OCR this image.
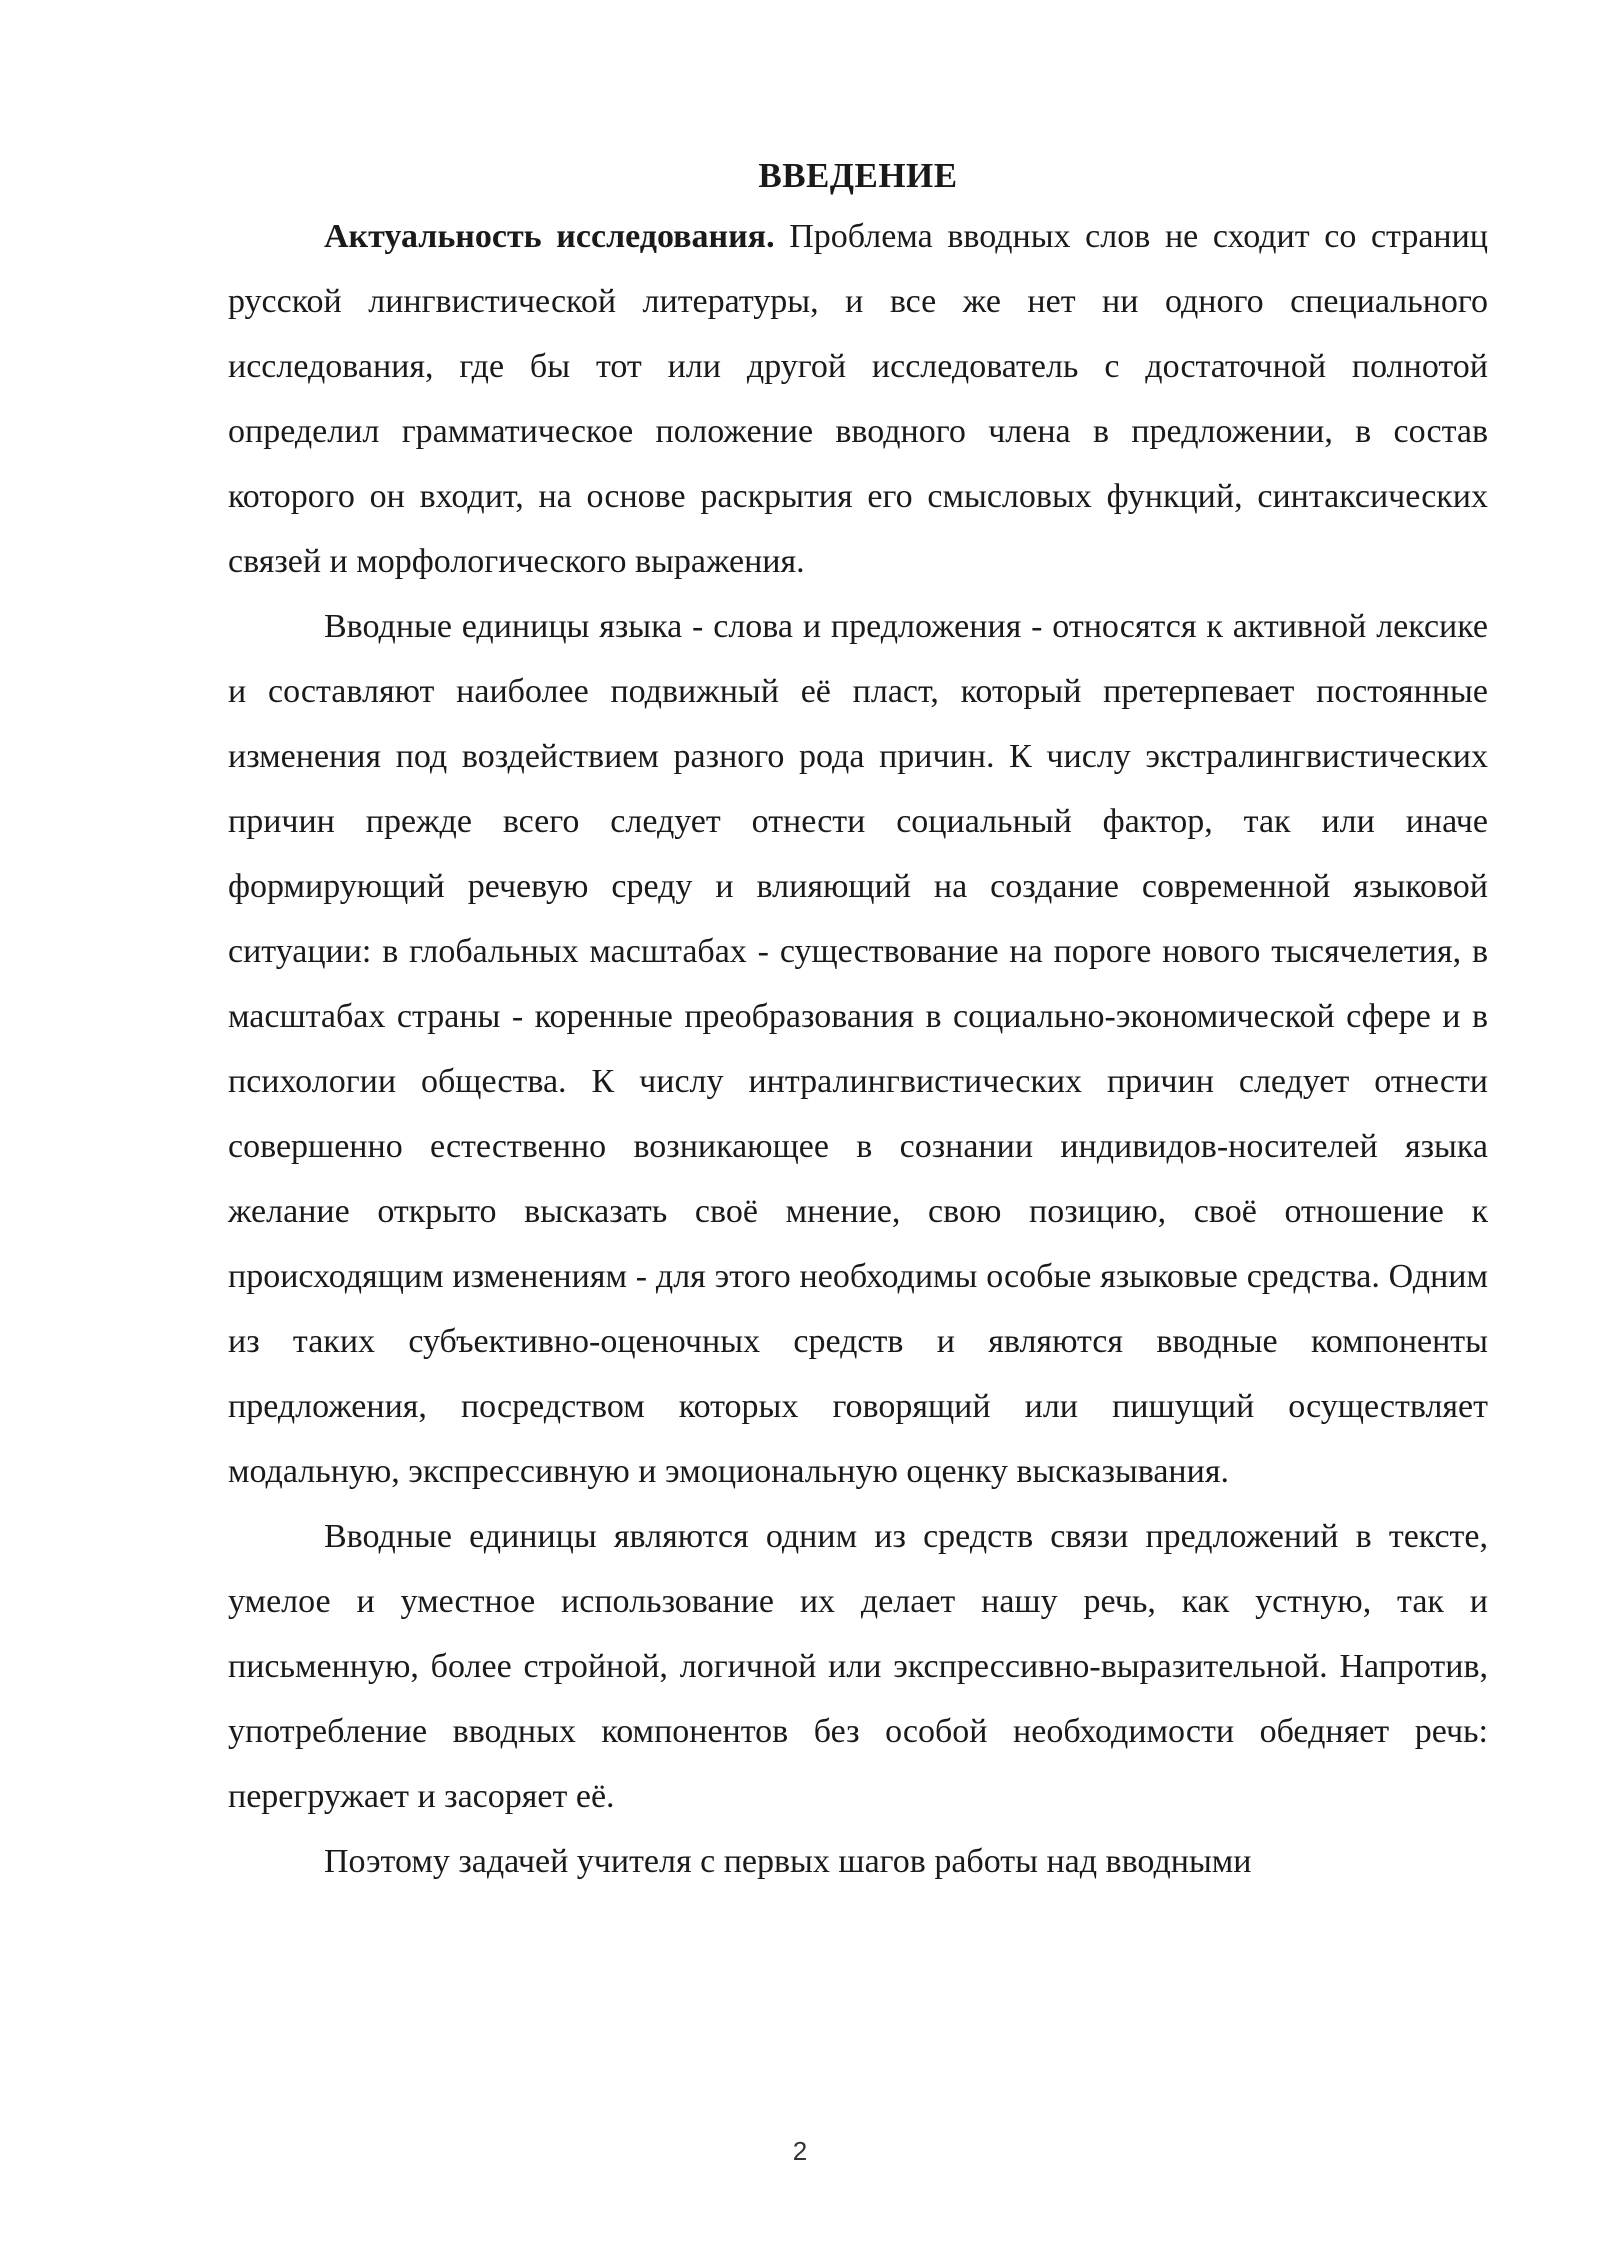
ВВЕДЕНИЕ

Актуальность исследования. Проблема вводных слов не сходит со страниц русской лингвистической литературы, и все же нет ни одного специального исследования, где бы тот или другой исследователь с достаточной полнотой определил грамматическое положение вводного члена в предложении, в состав которого он входит, на основе раскрытия его смысловых функций, синтаксических связей и морфологического выражения.

Вводные единицы языка - слова и предложения - относятся к активной лексике и составляют наиболее подвижный её пласт, который претерпевает постоянные изменения под воздействием разного рода причин. К числу экстралингвистических причин прежде всего следует отнести социальный фактор, так или иначе формирующий речевую среду и влияющий на создание современной языковой ситуации: в глобальных масштабах - существование на пороге нового тысячелетия, в масштабах страны - коренные преобразования в социально-экономической сфере и в психологии общества. К числу интралингвистических причин следует отнести совершенно естественно возникающее в сознании индивидов-носителей языка желание открыто высказать своё мнение, свою позицию, своё отношение к происходящим изменениям - для этого необходимы особые языковые средства. Одним из таких субъективно-оценочных средств и являются вводные компоненты предложения, посредством которых говорящий или пишущий осуществляет модальную, экспрессивную и эмоциональную оценку высказывания.

Вводные единицы являются одним из средств связи предложений в тексте, умелое и уместное использование их делает нашу речь, как устную, так и письменную, более стройной, логичной или экспрессивно-выразительной. Напротив, употребление вводных компонентов без особой необходимости обедняет речь: перегружает и засоряет её.

Поэтому задачей учителя с первых шагов работы над вводными

2
